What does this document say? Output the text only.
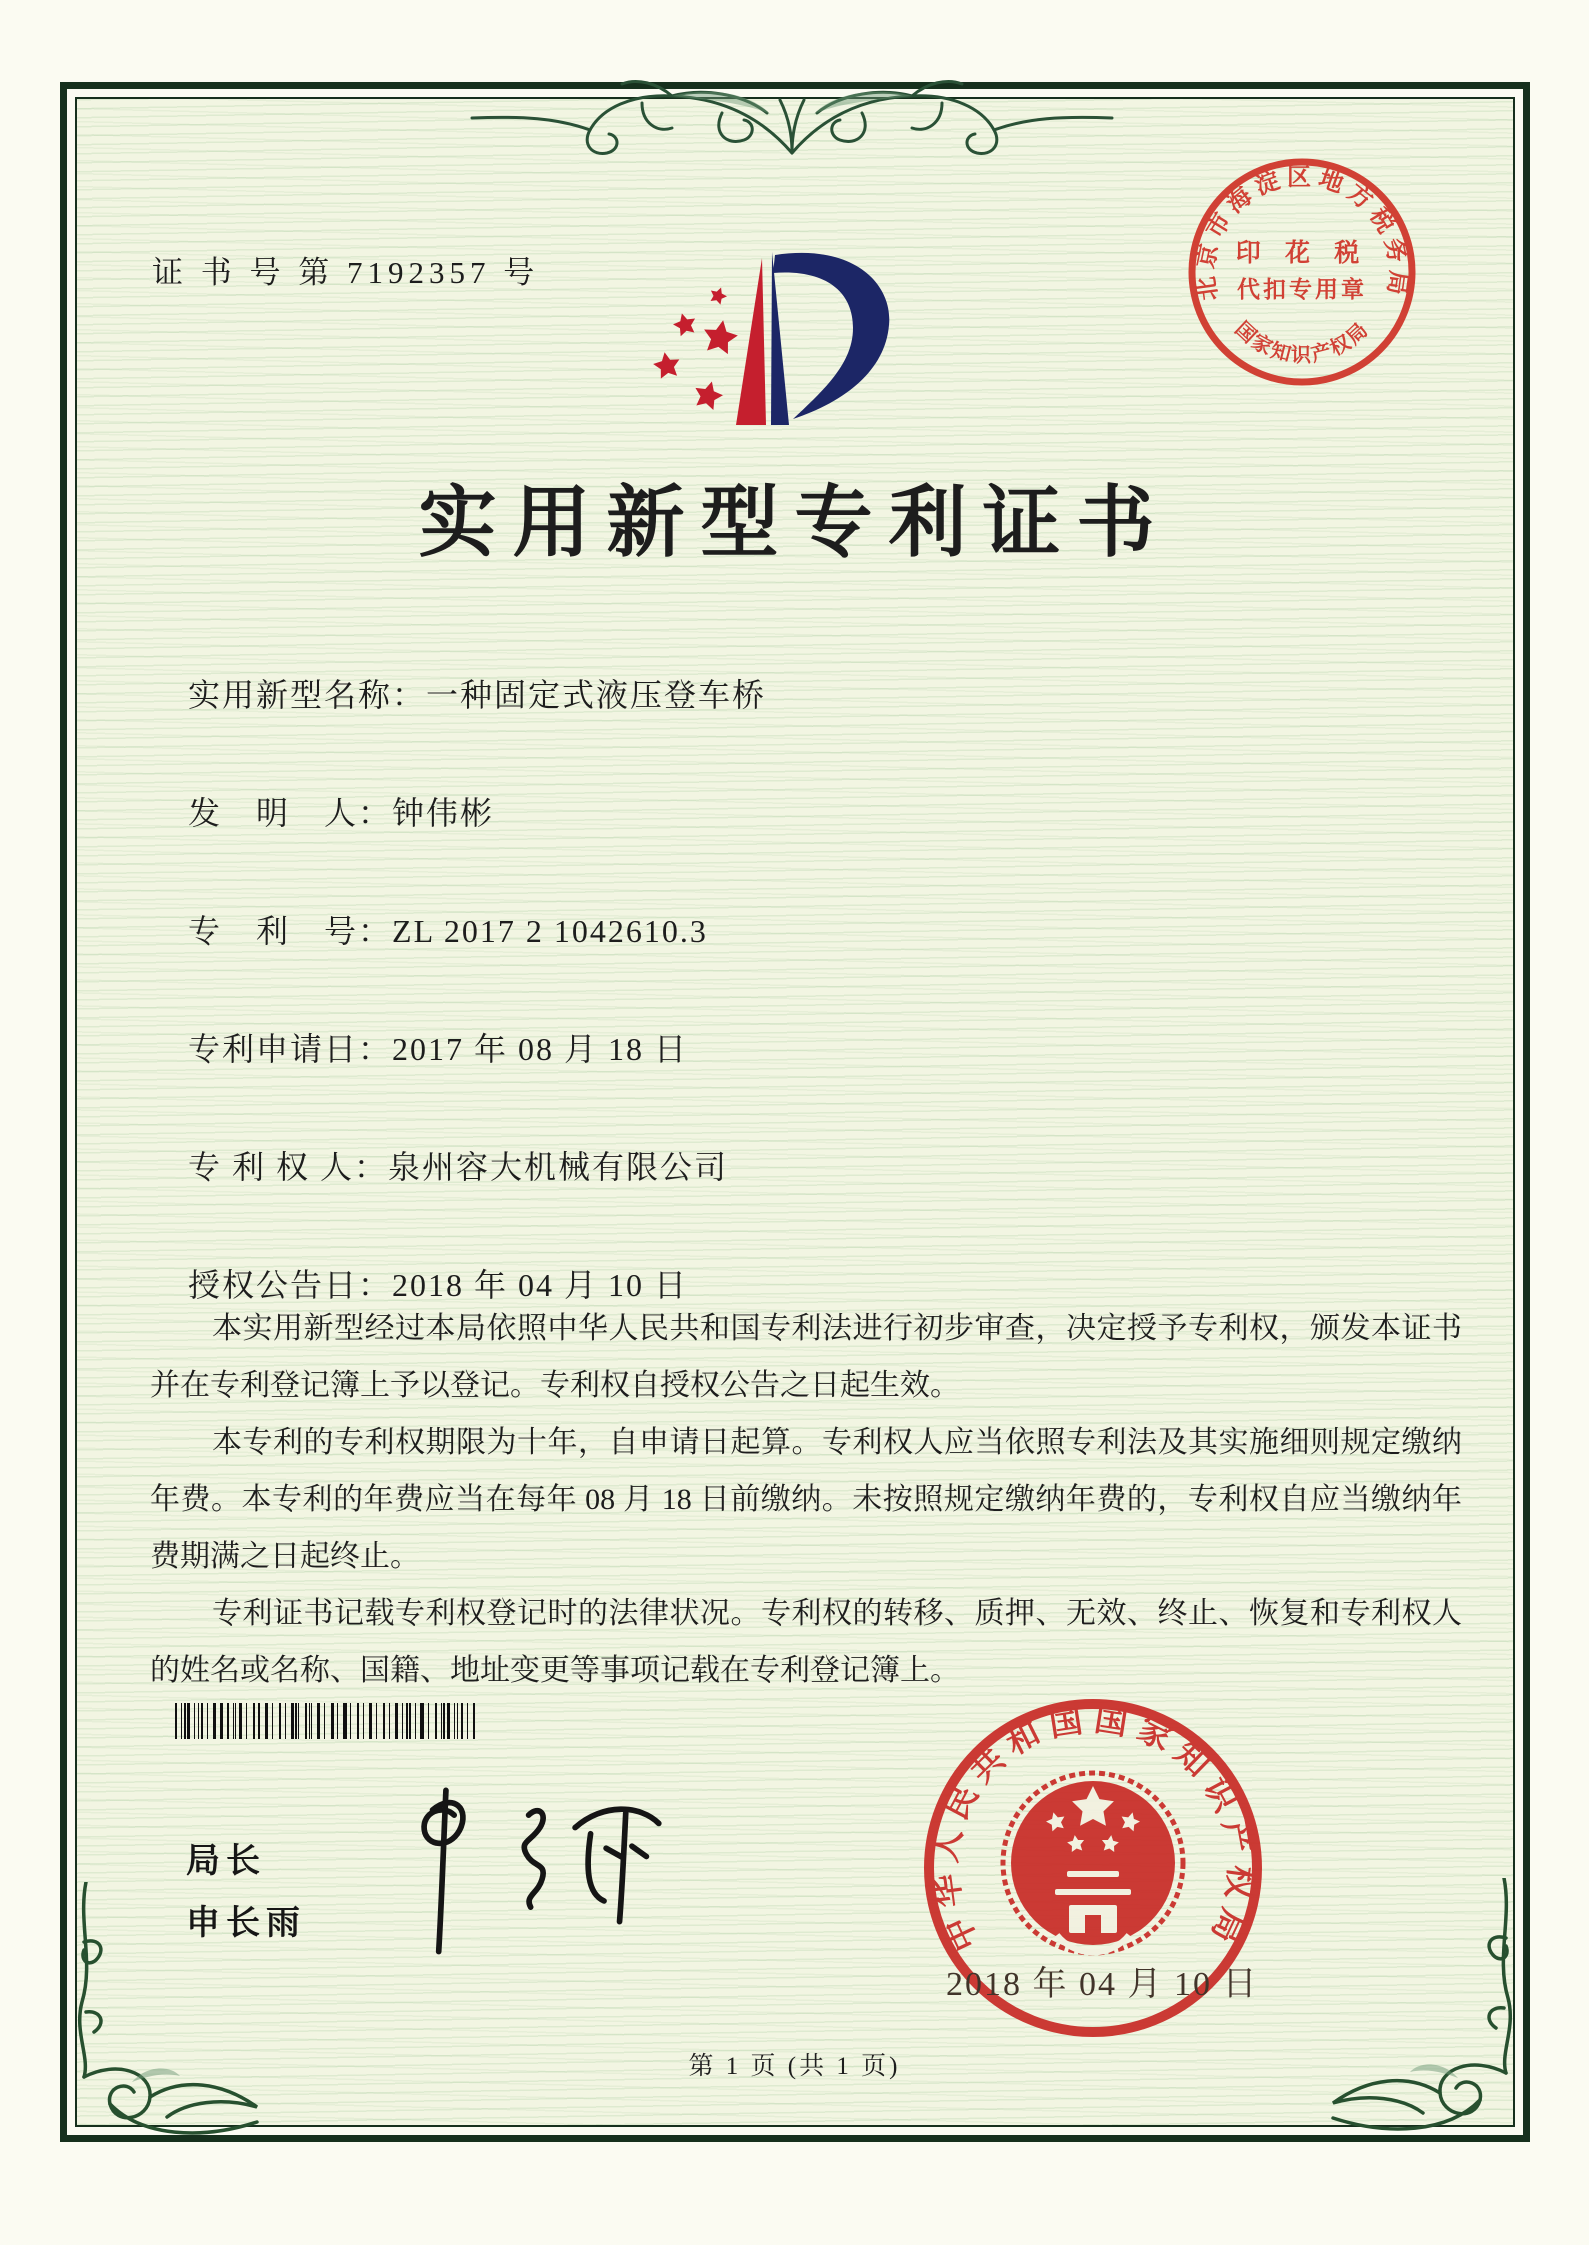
证 书 号 第 7192357 号	北京市海淀区地方税务局
国家知识产权局
印 花 税
代扣专用章
实用新型专利证书
实用新型名称：一种固定式液压登车桥
发　明　人：钟伟彬
专　利　号：ZL 2017 2 1042610.3
专利申请日：2017 年 08 月 18 日
专 利 权 人：泉州容大机械有限公司
授权公告日：2018 年 04 月 10 日

本实用新型经过本局依照中华人民共和国专利法进行初步审查，决定授予专利权，颁发本证书并在专利登记簿上予以登记。专利权自授权公告之日起生效。

本专利的专利权期限为十年，自申请日起算。专利权人应当依照专利法及其实施细则规定缴纳年费。本专利的年费应当在每年 08 月 18 日前缴纳。未按照规定缴纳年费的，专利权自应当缴纳年费期满之日起终止。

专利证书记载专利权登记时的法律状况。专利权的转移、质押、无效、终止、恢复和专利权人的姓名或名称、国籍、地址变更等事项记载在专利登记簿上。

局长
申长雨	中华人民共和国国家知识产权局
2018 年 04 月 10 日
第 1 页 (共 1 页)
